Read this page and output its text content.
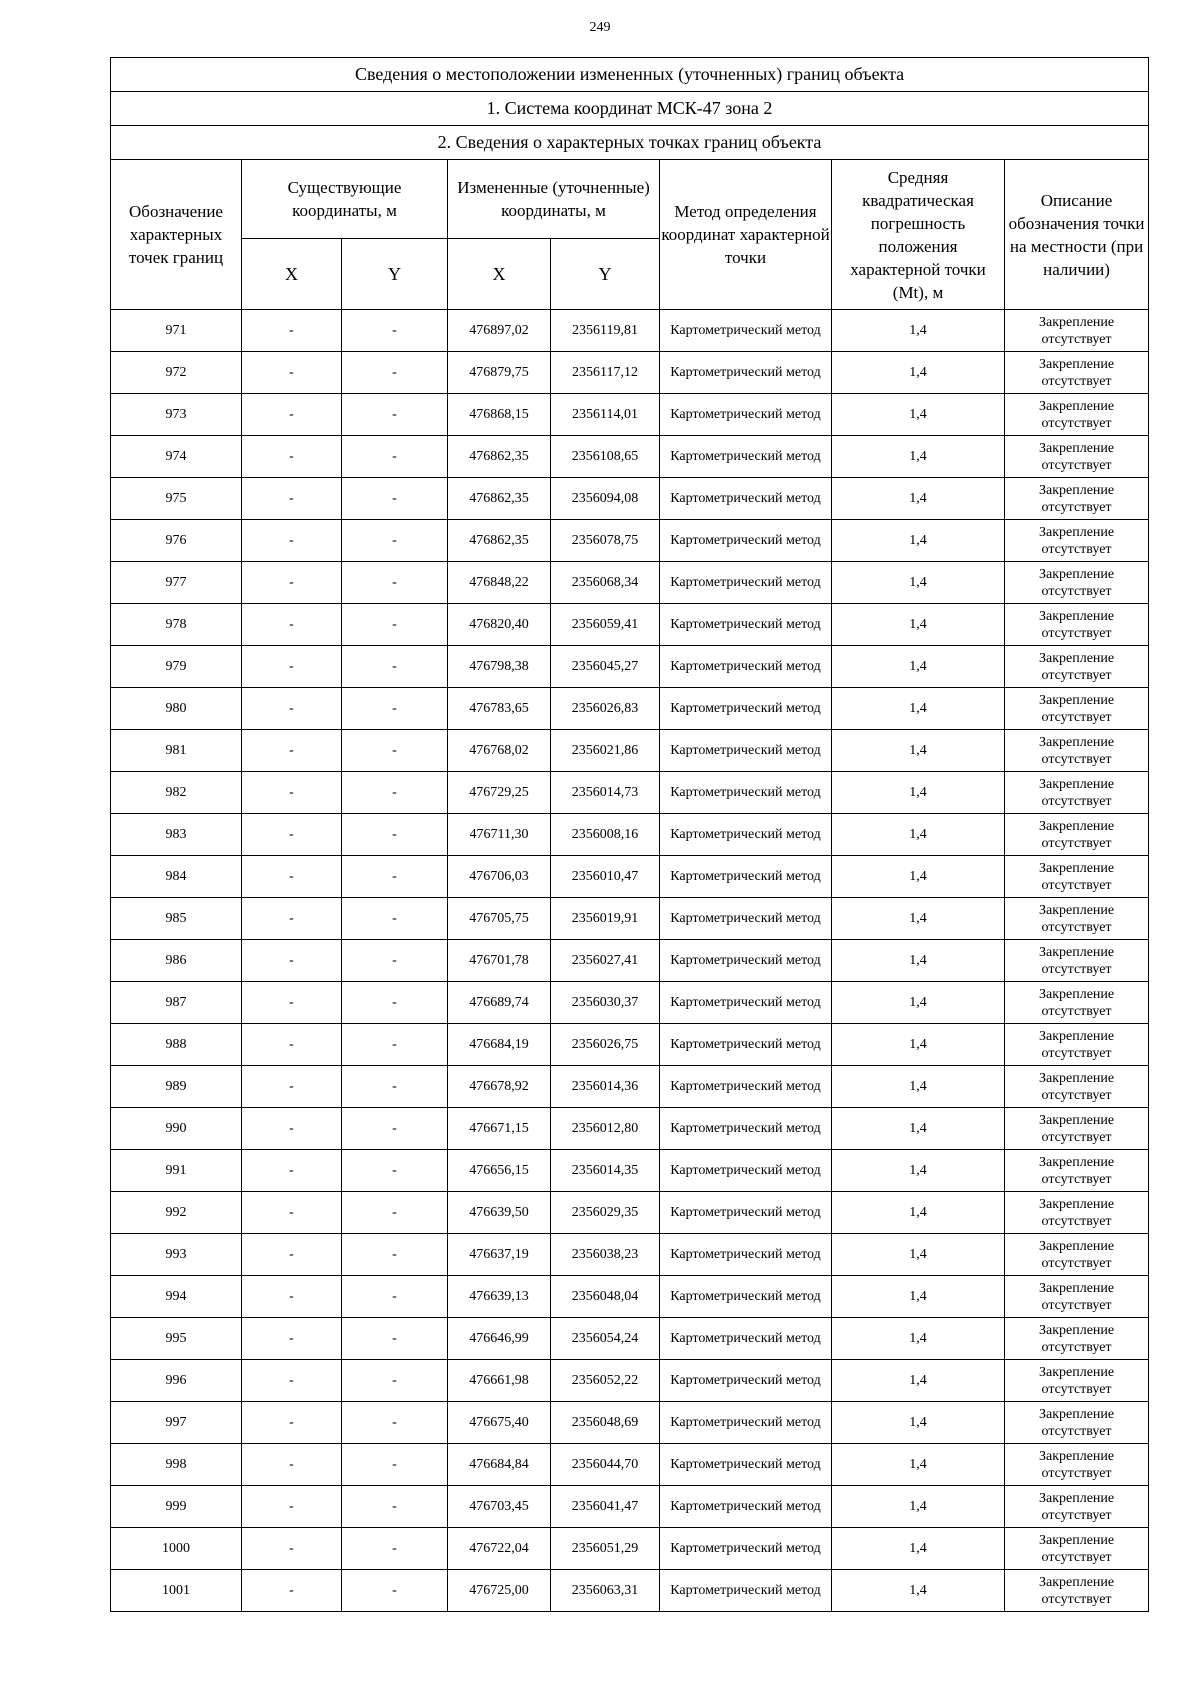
249
Сведения о местоположении измененных (уточненных) границ объекта							
1. Система координат МСК-47 зона 2							
2. Сведения о характерных точках границ объекта							
Обозначение характерных точек границ	Существующие координаты, м		Измененные (уточненные) координаты, м		Метод определения координат характерной точки	Средняя квадратическая погрешность положения характерной точки (Mt), м	Описание обозначения точки на местности (при наличии)
	X	Y	X	Y			
971	-	-	476897,02	2356119,81	Картометрический метод	1,4	Закрепление отсутствует
972	-	-	476879,75	2356117,12	Картометрический метод	1,4	Закрепление отсутствует
973	-	-	476868,15	2356114,01	Картометрический метод	1,4	Закрепление отсутствует
974	-	-	476862,35	2356108,65	Картометрический метод	1,4	Закрепление отсутствует
975	-	-	476862,35	2356094,08	Картометрический метод	1,4	Закрепление отсутствует
976	-	-	476862,35	2356078,75	Картометрический метод	1,4	Закрепление отсутствует
977	-	-	476848,22	2356068,34	Картометрический метод	1,4	Закрепление отсутствует
978	-	-	476820,40	2356059,41	Картометрический метод	1,4	Закрепление отсутствует
979	-	-	476798,38	2356045,27	Картометрический метод	1,4	Закрепление отсутствует
980	-	-	476783,65	2356026,83	Картометрический метод	1,4	Закрепление отсутствует
981	-	-	476768,02	2356021,86	Картометрический метод	1,4	Закрепление отсутствует
982	-	-	476729,25	2356014,73	Картометрический метод	1,4	Закрепление отсутствует
983	-	-	476711,30	2356008,16	Картометрический метод	1,4	Закрепление отсутствует
984	-	-	476706,03	2356010,47	Картометрический метод	1,4	Закрепление отсутствует
985	-	-	476705,75	2356019,91	Картометрический метод	1,4	Закрепление отсутствует
986	-	-	476701,78	2356027,41	Картометрический метод	1,4	Закрепление отсутствует
987	-	-	476689,74	2356030,37	Картометрический метод	1,4	Закрепление отсутствует
988	-	-	476684,19	2356026,75	Картометрический метод	1,4	Закрепление отсутствует
989	-	-	476678,92	2356014,36	Картометрический метод	1,4	Закрепление отсутствует
990	-	-	476671,15	2356012,80	Картометрический метод	1,4	Закрепление отсутствует
991	-	-	476656,15	2356014,35	Картометрический метод	1,4	Закрепление отсутствует
992	-	-	476639,50	2356029,35	Картометрический метод	1,4	Закрепление отсутствует
993	-	-	476637,19	2356038,23	Картометрический метод	1,4	Закрепление отсутствует
994	-	-	476639,13	2356048,04	Картометрический метод	1,4	Закрепление отсутствует
995	-	-	476646,99	2356054,24	Картометрический метод	1,4	Закрепление отсутствует
996	-	-	476661,98	2356052,22	Картометрический метод	1,4	Закрепление отсутствует
997	-	-	476675,40	2356048,69	Картометрический метод	1,4	Закрепление отсутствует
998	-	-	476684,84	2356044,70	Картометрический метод	1,4	Закрепление отсутствует
999	-	-	476703,45	2356041,47	Картометрический метод	1,4	Закрепление отсутствует
1000	-	-	476722,04	2356051,29	Картометрический метод	1,4	Закрепление отсутствует
1001	-	-	476725,00	2356063,31	Картометрический метод	1,4	Закрепление отсутствует
